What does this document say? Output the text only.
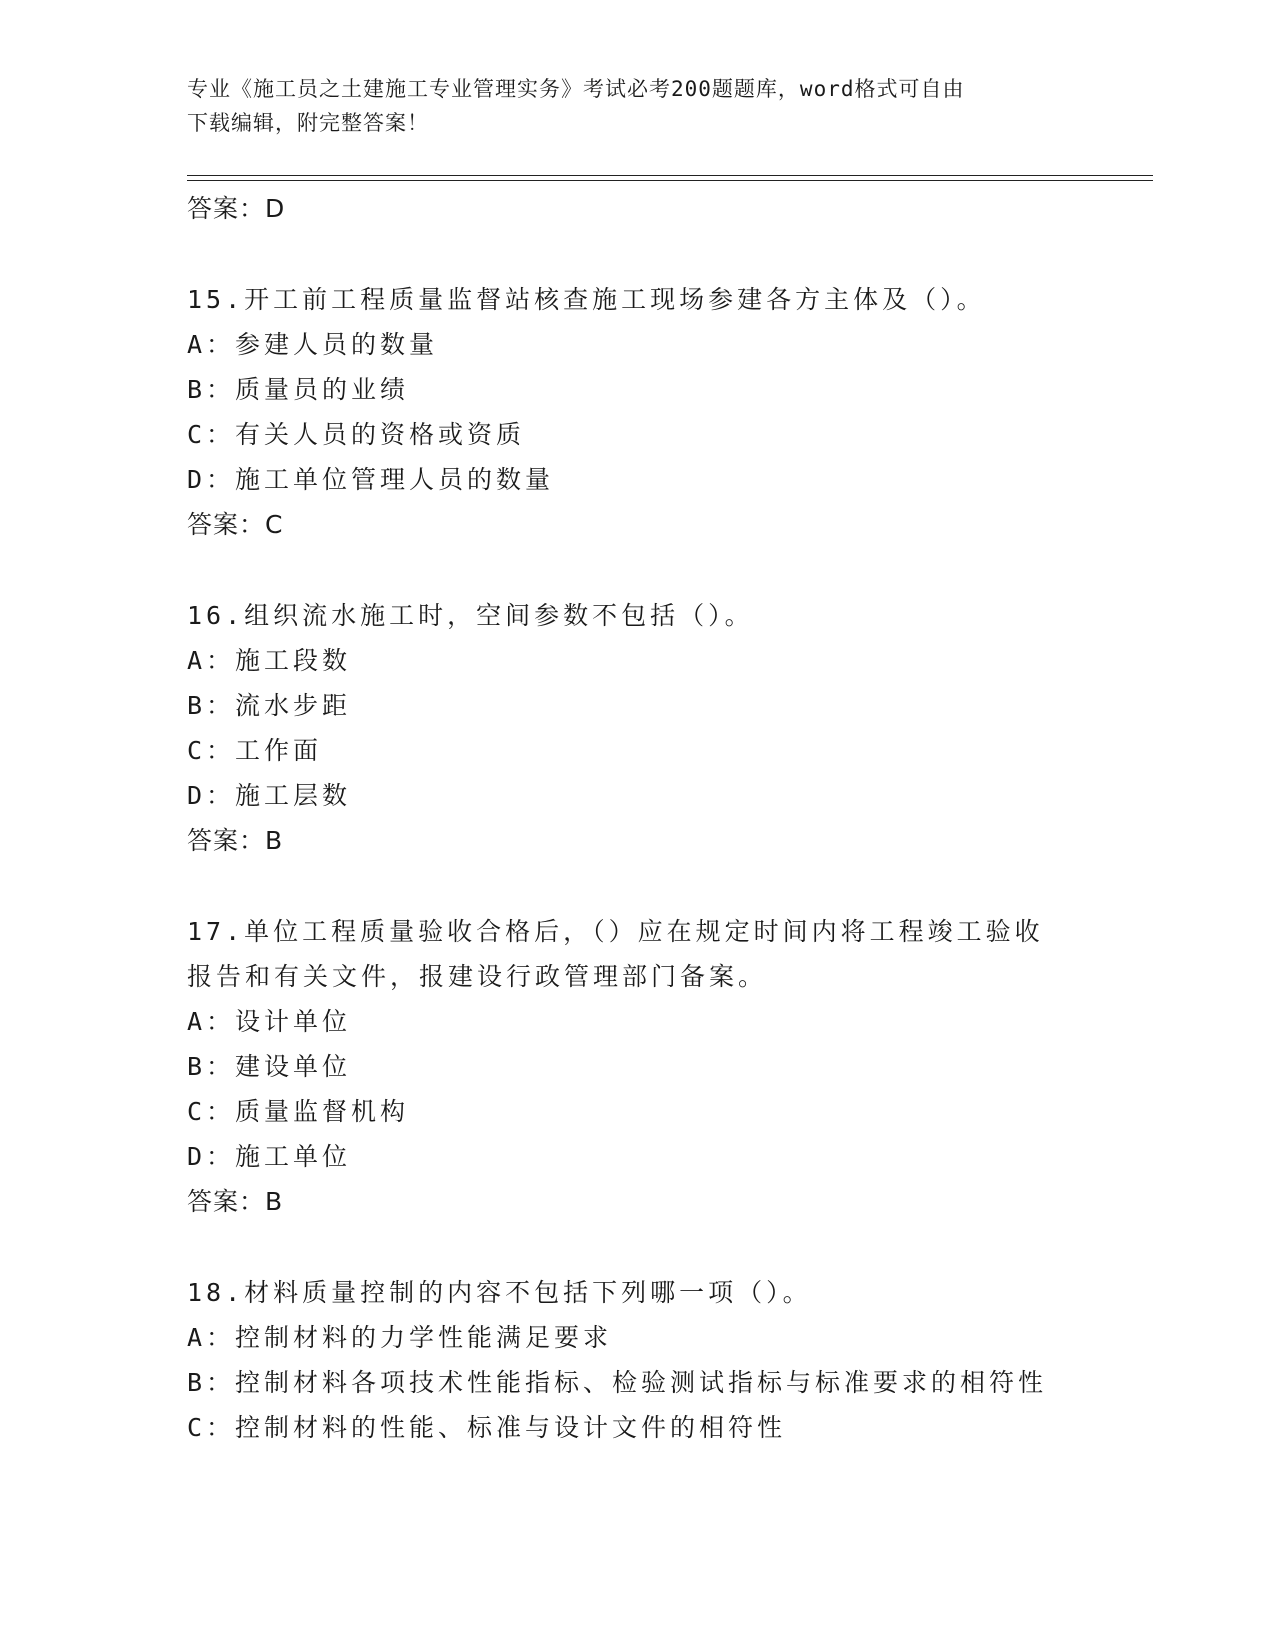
专业《施工员之土建施工专业管理实务》考试必考200题题库，word格式可自由
下载编辑，附完整答案！
答案：D
15.开工前工程质量监督站核查施工现场参建各方主体及（）。
A：参建人员的数量
B：质量员的业绩
C：有关人员的资格或资质
D：施工单位管理人员的数量
答案：C
16.组织流水施工时，空间参数不包括（）。
A：施工段数
B：流水步距
C：工作面
D：施工层数
答案：B
17.单位工程质量验收合格后，（）应在规定时间内将工程竣工验收报告和有关文件，报建设行政管理部门备案。
A：设计单位
B：建设单位
C：质量监督机构
D：施工单位
答案：B
18.材料质量控制的内容不包括下列哪一项（）。
A：控制材料的力学性能满足要求
B：控制材料各项技术性能指标、检验测试指标与标准要求的相符性
C：控制材料的性能、标准与设计文件的相符性
